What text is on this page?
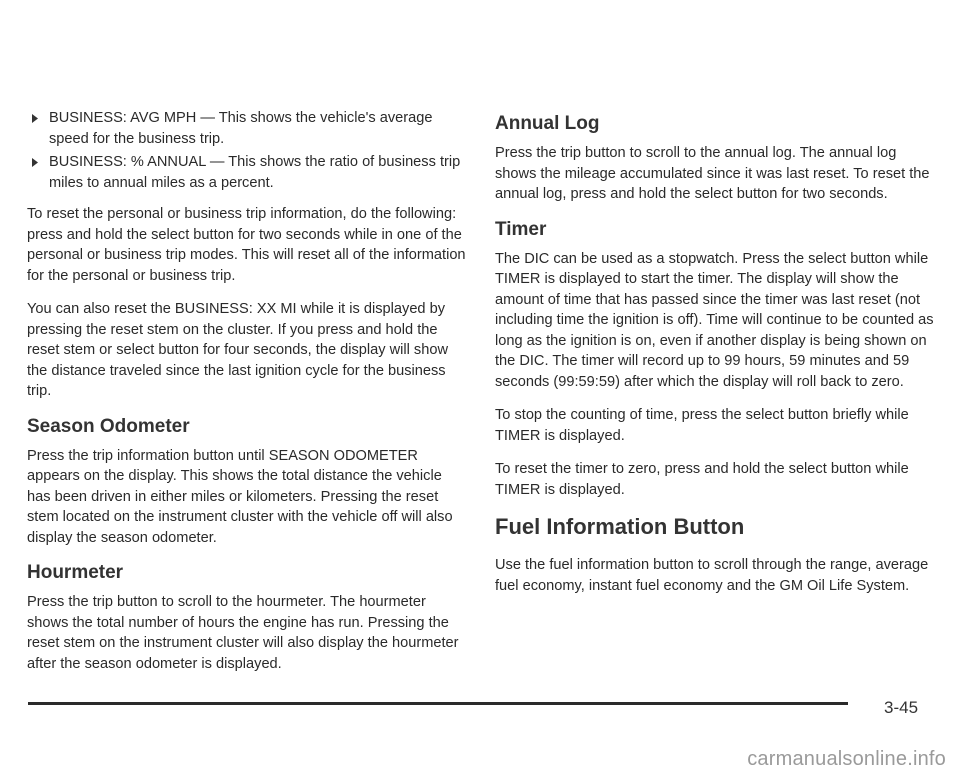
BUSINESS: AVG MPH — This shows the vehicle's average speed for the business trip.
BUSINESS: % ANNUAL — This shows the ratio of business trip miles to annual miles as a percent.

To reset the personal or business trip information, do the following: press and hold the select button for two seconds while in one of the personal or business trip modes. This will reset all of the information for the personal or business trip.

You can also reset the BUSINESS: XX MI while it is displayed by pressing the reset stem on the cluster. If you press and hold the reset stem or select button for four seconds, the display will show the distance traveled since the last ignition cycle for the business trip.

Season Odometer

Press the trip information button until SEASON ODOMETER appears on the display. This shows the total distance the vehicle has been driven in either miles or kilometers. Pressing the reset stem located on the instrument cluster with the vehicle off will also display the season odometer.

Hourmeter

Press the trip button to scroll to the hourmeter. The hourmeter shows the total number of hours the engine has run. Pressing the reset stem on the instrument cluster will also display the hourmeter after the season odometer is displayed.

Annual Log

Press the trip button to scroll to the annual log. The annual log shows the mileage accumulated since it was last reset. To reset the annual log, press and hold the select button for two seconds.

Timer

The DIC can be used as a stopwatch. Press the select button while TIMER is displayed to start the timer. The display will show the amount of time that has passed since the timer was last reset (not including time the ignition is off). Time will continue to be counted as long as the ignition is on, even if another display is being shown on the DIC. The timer will record up to 99 hours, 59 minutes and 59 seconds (99:59:59) after which the display will roll back to zero.

To stop the counting of time, press the select button briefly while TIMER is displayed.

To reset the timer to zero, press and hold the select button while TIMER is displayed.

Fuel Information Button

Use the fuel information button to scroll through the range, average fuel economy, instant fuel economy and the GM Oil Life System.

3-45
carmanualsonline.info
